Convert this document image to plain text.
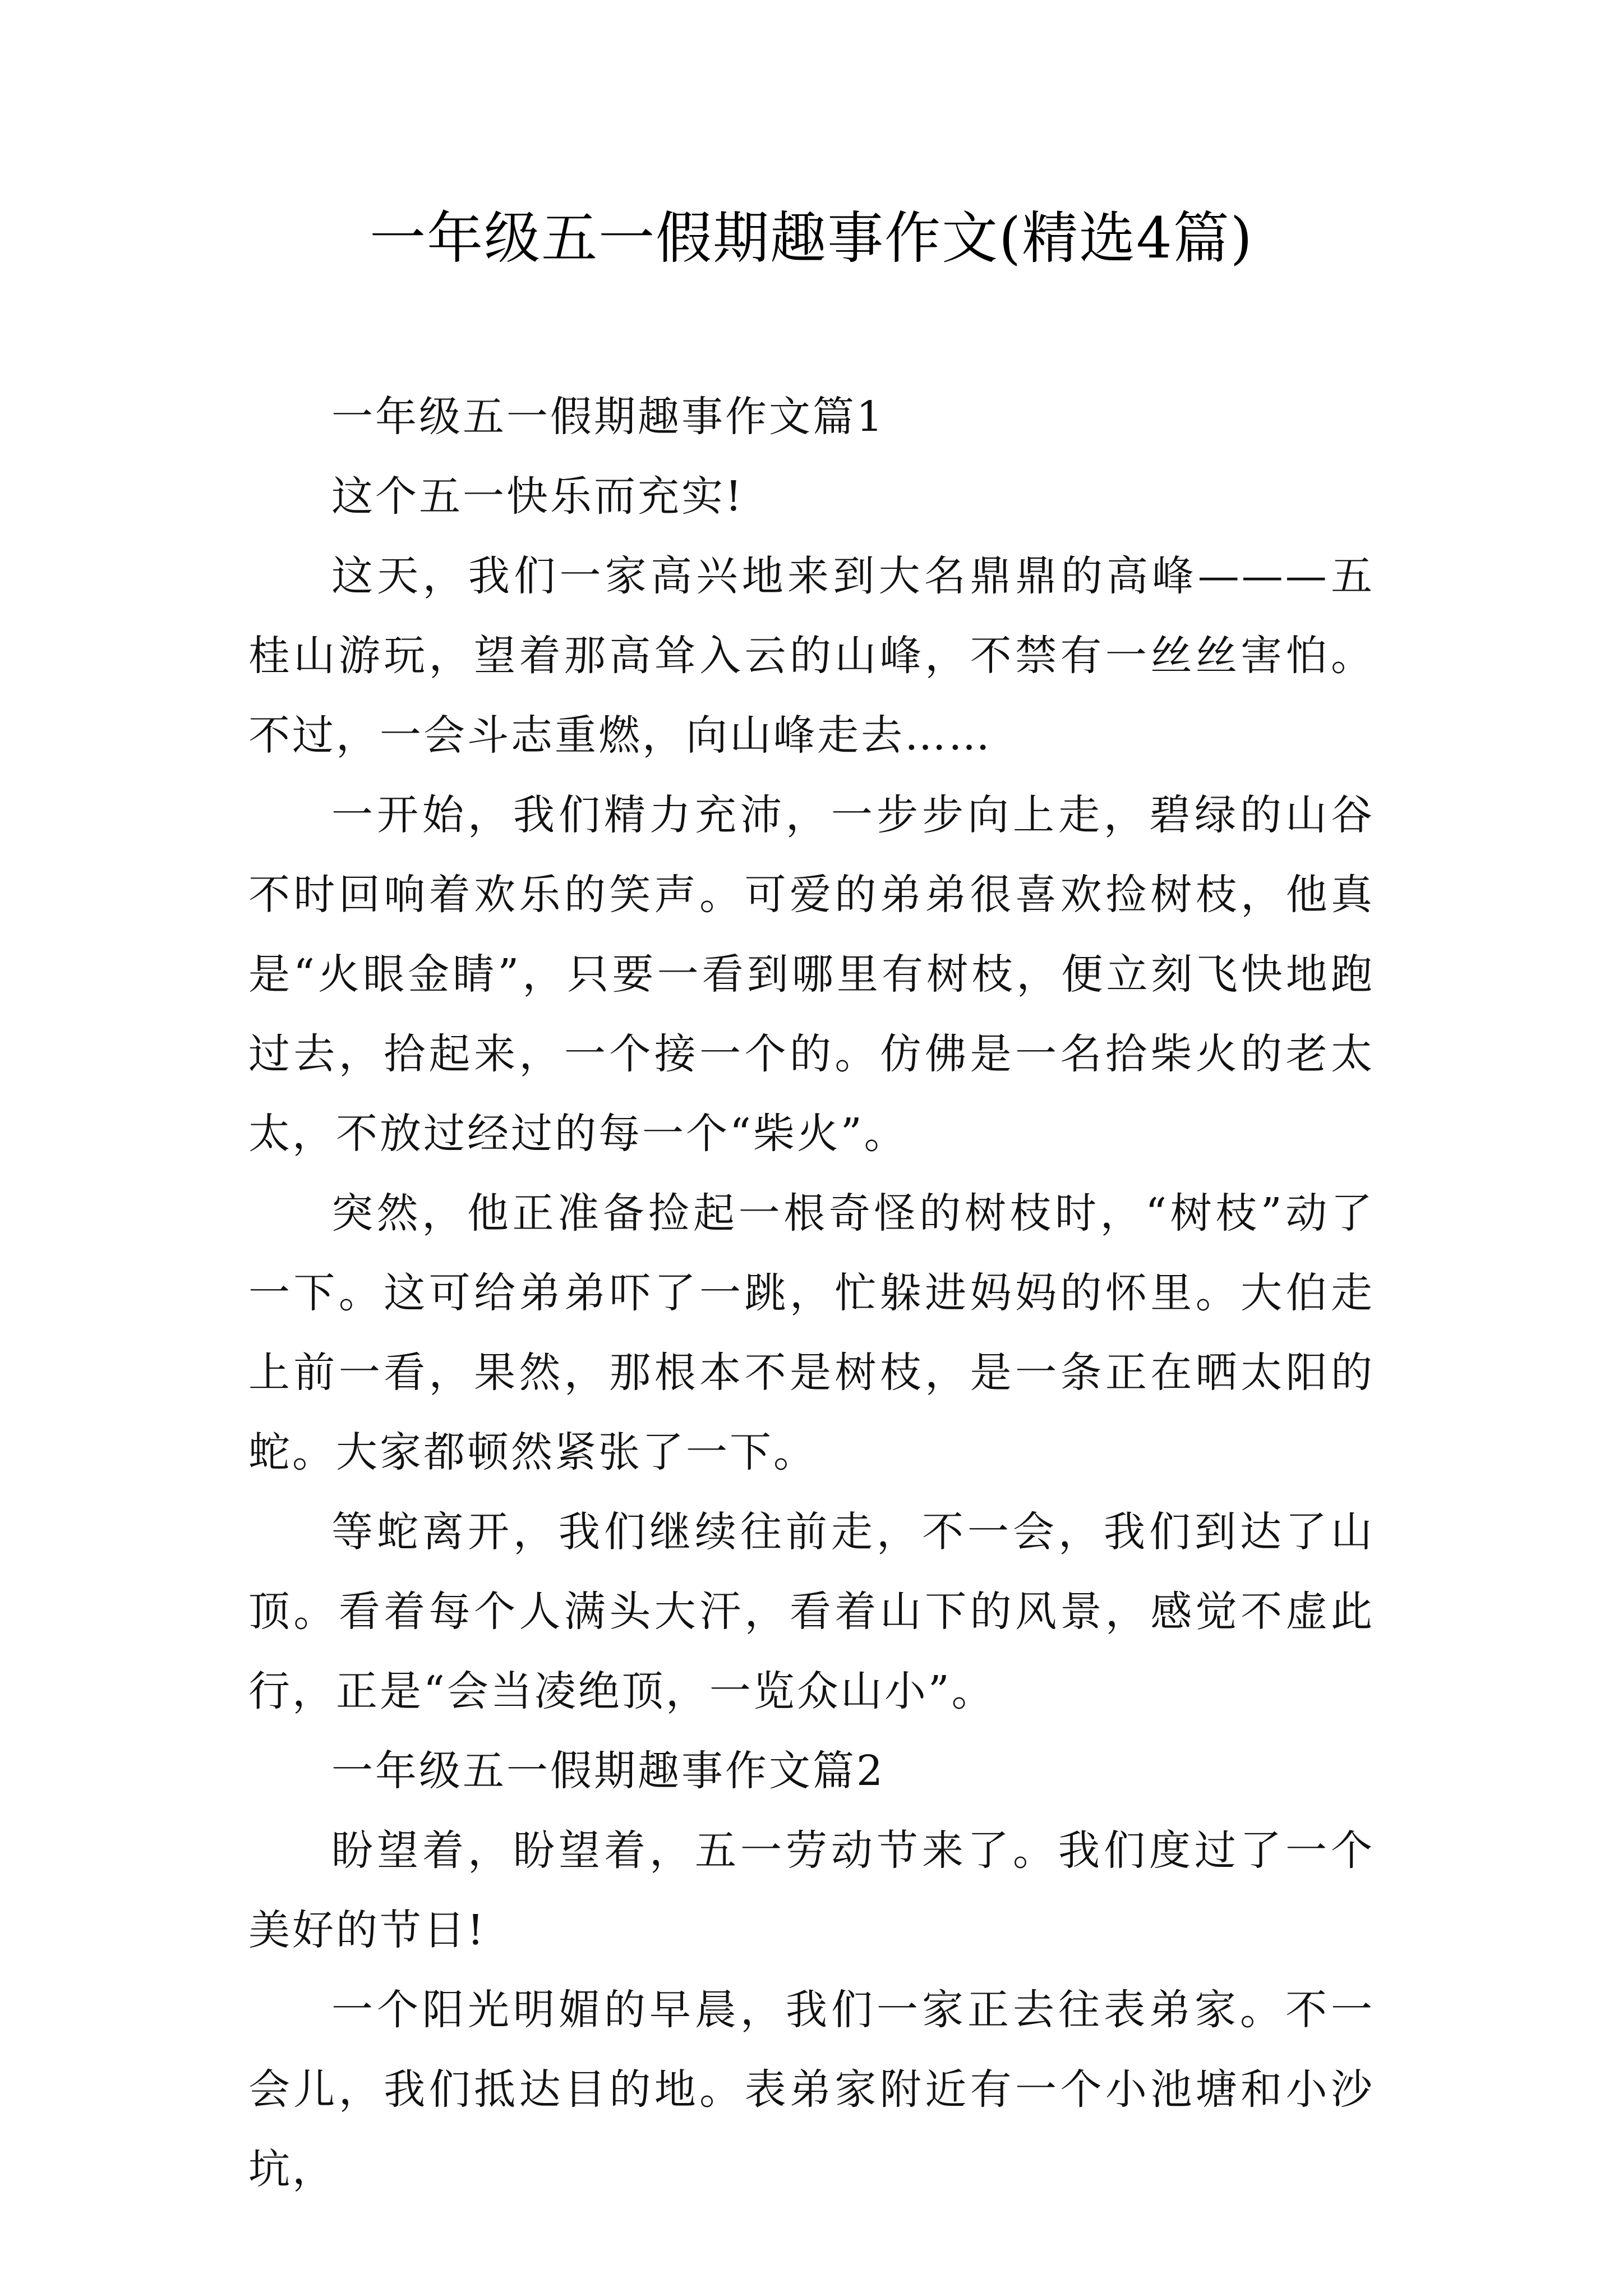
一年级五一假期趣事作文(精选4篇)

一年级五一假期趣事作文篇1

这个五一快乐而充实!

这天，我们一家高兴地来到大名鼎鼎的高峰———五桂山游玩，望着那高耸入云的山峰，不禁有一丝丝害怕。不过，一会斗志重燃，向山峰走去……

一开始，我们精力充沛，一步步向上走，碧绿的山谷不时回响着欢乐的笑声。可爱的弟弟很喜欢捡树枝，他真是“火眼金睛”，只要一看到哪里有树枝，便立刻飞快地跑过去，拾起来，一个接一个的。仿佛是一名拾柴火的老太太，不放过经过的每一个“柴火”。

突然，他正准备捡起一根奇怪的树枝时，“树枝”动了一下。这可给弟弟吓了一跳，忙躲进妈妈的怀里。大伯走上前一看，果然，那根本不是树枝，是一条正在晒太阳的蛇。大家都顿然紧张了一下。

等蛇离开，我们继续往前走，不一会，我们到达了山顶。看着每个人满头大汗，看着山下的风景，感觉不虚此行，正是“会当凌绝顶，一览众山小”。

一年级五一假期趣事作文篇2

盼望着，盼望着，五一劳动节来了。我们度过了一个美好的节日!

一个阳光明媚的早晨，我们一家正去往表弟家。不一会儿，我们抵达目的地。表弟家附近有一个小池塘和小沙坑，
